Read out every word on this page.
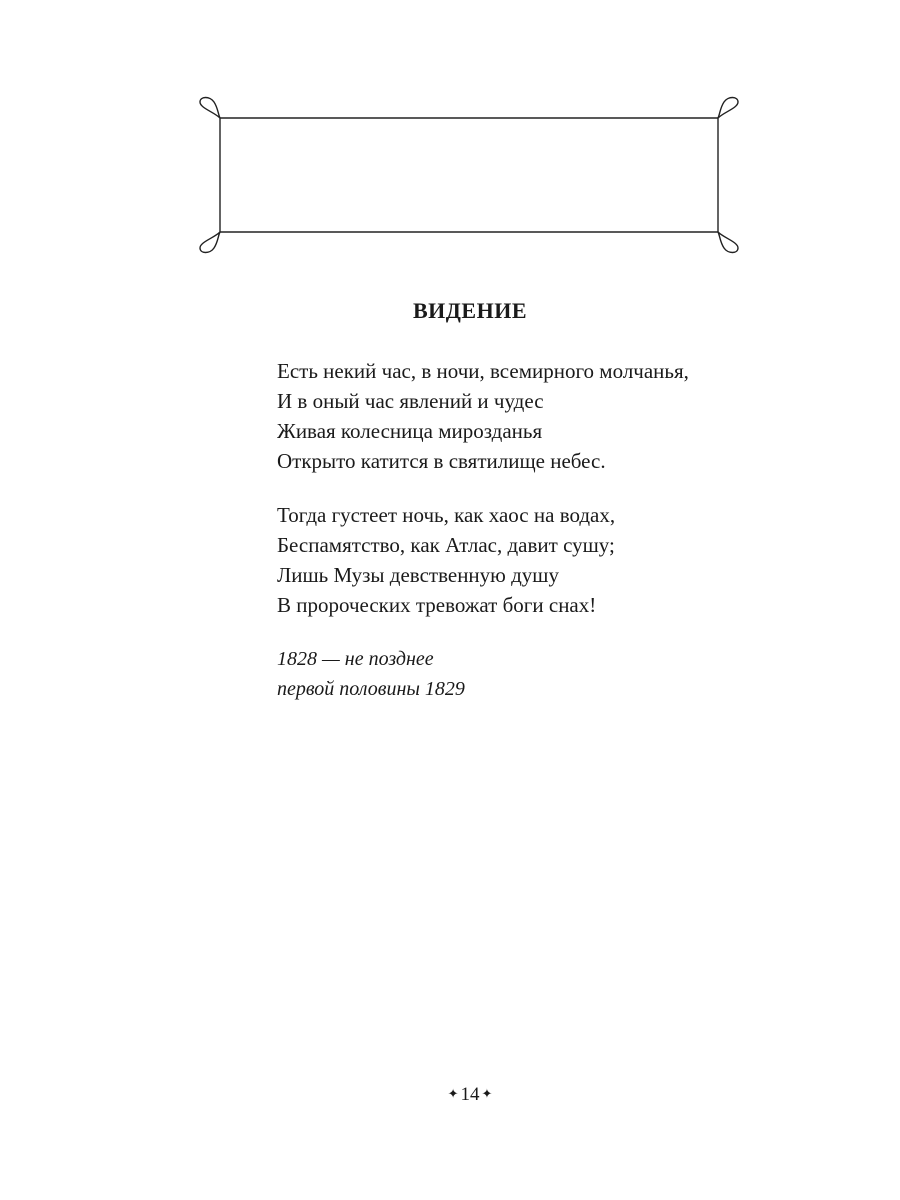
ВИДЕНИЕ
Есть некий час, в ночи, всемирного молчанья,
И в оный час явлений и чудес
Живая колесница мирозданья
Открыто катится в святилище небес.
Тогда густеет ночь, как хаос на водах,
Беспамятство, как Атлас, давит сушу;
Лишь Музы девственную душу
В пророческих тревожат боги снах!
1828 — не позднее
первой половины 1829
✦ 14 ✦
